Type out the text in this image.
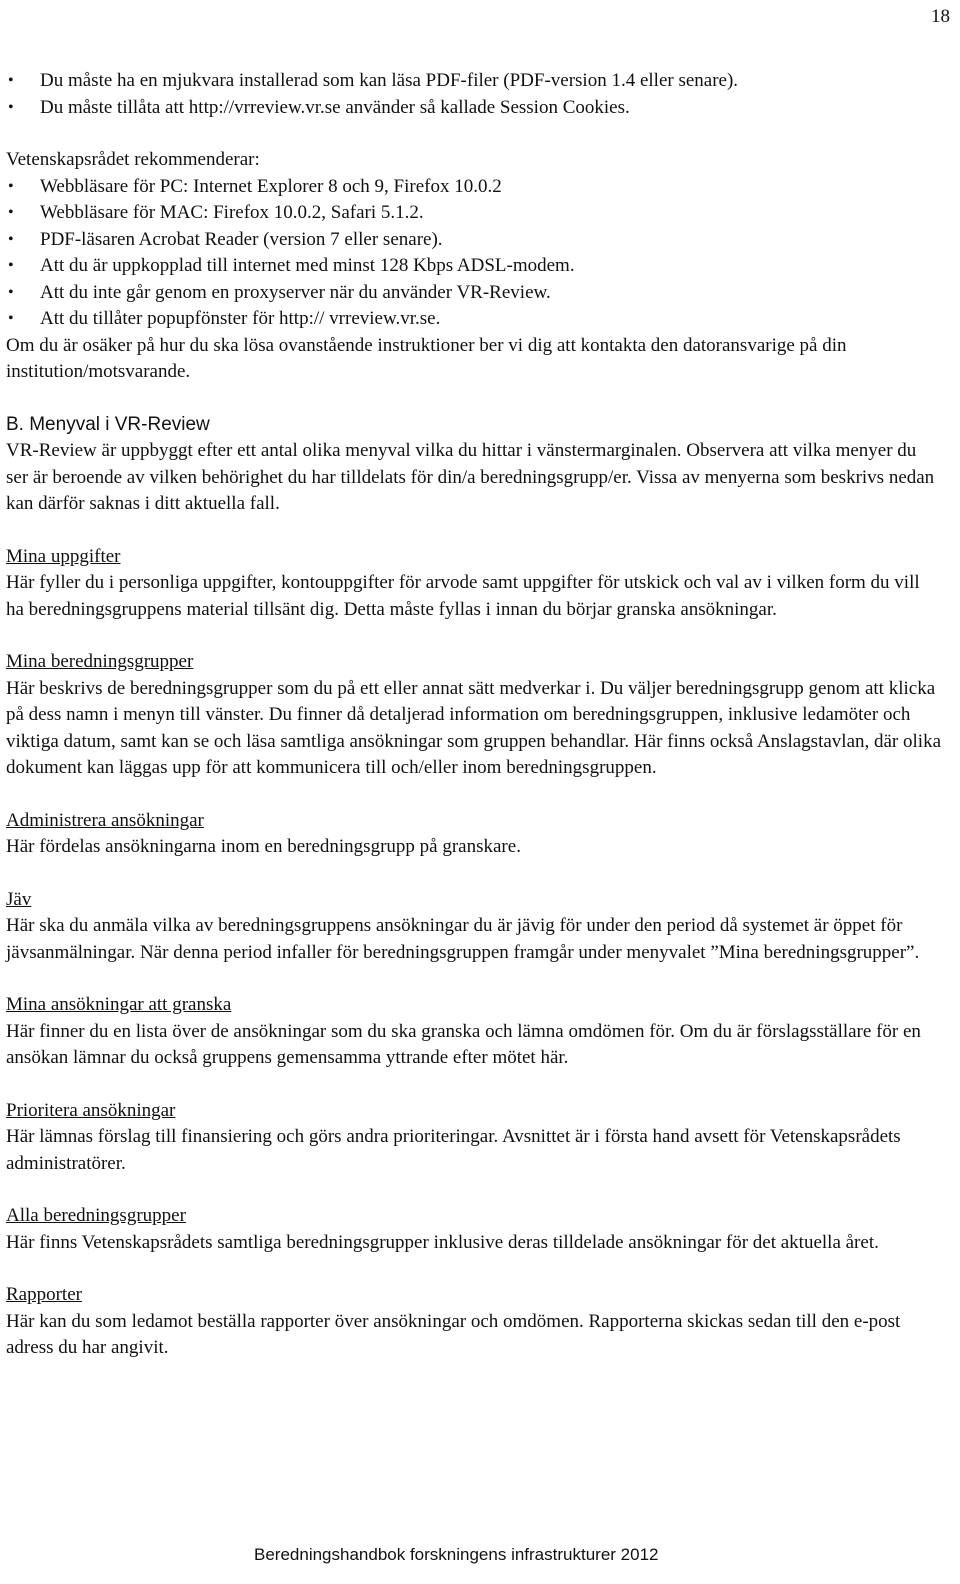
18
• Du måste ha en mjukvara installerad som kan läsa PDF-filer (PDF-version 1.4 eller senare).
• Du måste tillåta att http://vrreview.vr.se använder så kallade Session Cookies.

Vetenskapsrådet rekommenderar:

• Webbläsare för PC: Internet Explorer 8 och 9, Firefox 10.0.2
• Webbläsare för MAC: Firefox 10.0.2, Safari 5.1.2.
• PDF-läsaren Acrobat Reader (version 7 eller senare).
• Att du är uppkopplad till internet med minst 128 Kbps ADSL-modem.
• Att du inte går genom en proxyserver när du använder VR-Review.
• Att du tillåter popupfönster för http:// vrreview.vr.se.

Om du är osäker på hur du ska lösa ovanstående instruktioner ber vi dig att kontakta den datoransvarige på din institution/motsvarande.

B. Menyval i VR-Review

VR-Review är uppbyggt efter ett antal olika menyval vilka du hittar i vänstermarginalen. Observera att vilka menyer du ser är beroende av vilken behörighet du har tilldelats för din/a beredningsgrupp/er. Vissa av menyerna som beskrivs nedan kan därför saknas i ditt aktuella fall.

Mina uppgifter

Här fyller du i personliga uppgifter, kontouppgifter för arvode samt uppgifter för utskick och val av i vilken form du vill ha beredningsgruppens material tillsänt dig. Detta måste fyllas i innan du börjar granska ansökningar.

Mina beredningsgrupper

Här beskrivs de beredningsgrupper som du på ett eller annat sätt medverkar i. Du väljer beredningsgrupp genom att klicka på dess namn i menyn till vänster. Du finner då detaljerad information om beredningsgruppen, inklusive ledamöter och viktiga datum, samt kan se och läsa samtliga ansökningar som gruppen behandlar. Här finns också Anslagstavlan, där olika dokument kan läggas upp för att kommunicera till och/eller inom beredningsgruppen.

Administrera ansökningar

Här fördelas ansökningarna inom en beredningsgrupp på granskare.

Jäv

Här ska du anmäla vilka av beredningsgruppens ansökningar du är jävig för under den period då systemet är öppet för jävsanmälningar. När denna period infaller för beredningsgruppen framgår under menyvalet ”Mina beredningsgrupper”.

Mina ansökningar att granska

Här finner du en lista över de ansökningar som du ska granska och lämna omdömen för. Om du är förslagsställare för en ansökan lämnar du också gruppens gemensamma yttrande efter mötet här.

Prioritera ansökningar

Här lämnas förslag till finansiering och görs andra prioriteringar. Avsnittet är i första hand avsett för Vetenskapsrådets administratörer.

Alla beredningsgrupper

Här finns Vetenskapsrådets samtliga beredningsgrupper inklusive deras tilldelade ansökningar för det aktuella året.

Rapporter

Här kan du som ledamot beställa rapporter över ansökningar och omdömen. Rapporterna skickas sedan till den e-post adress du har angivit.

Beredningshandbok forskningens infrastrukturer 2012
